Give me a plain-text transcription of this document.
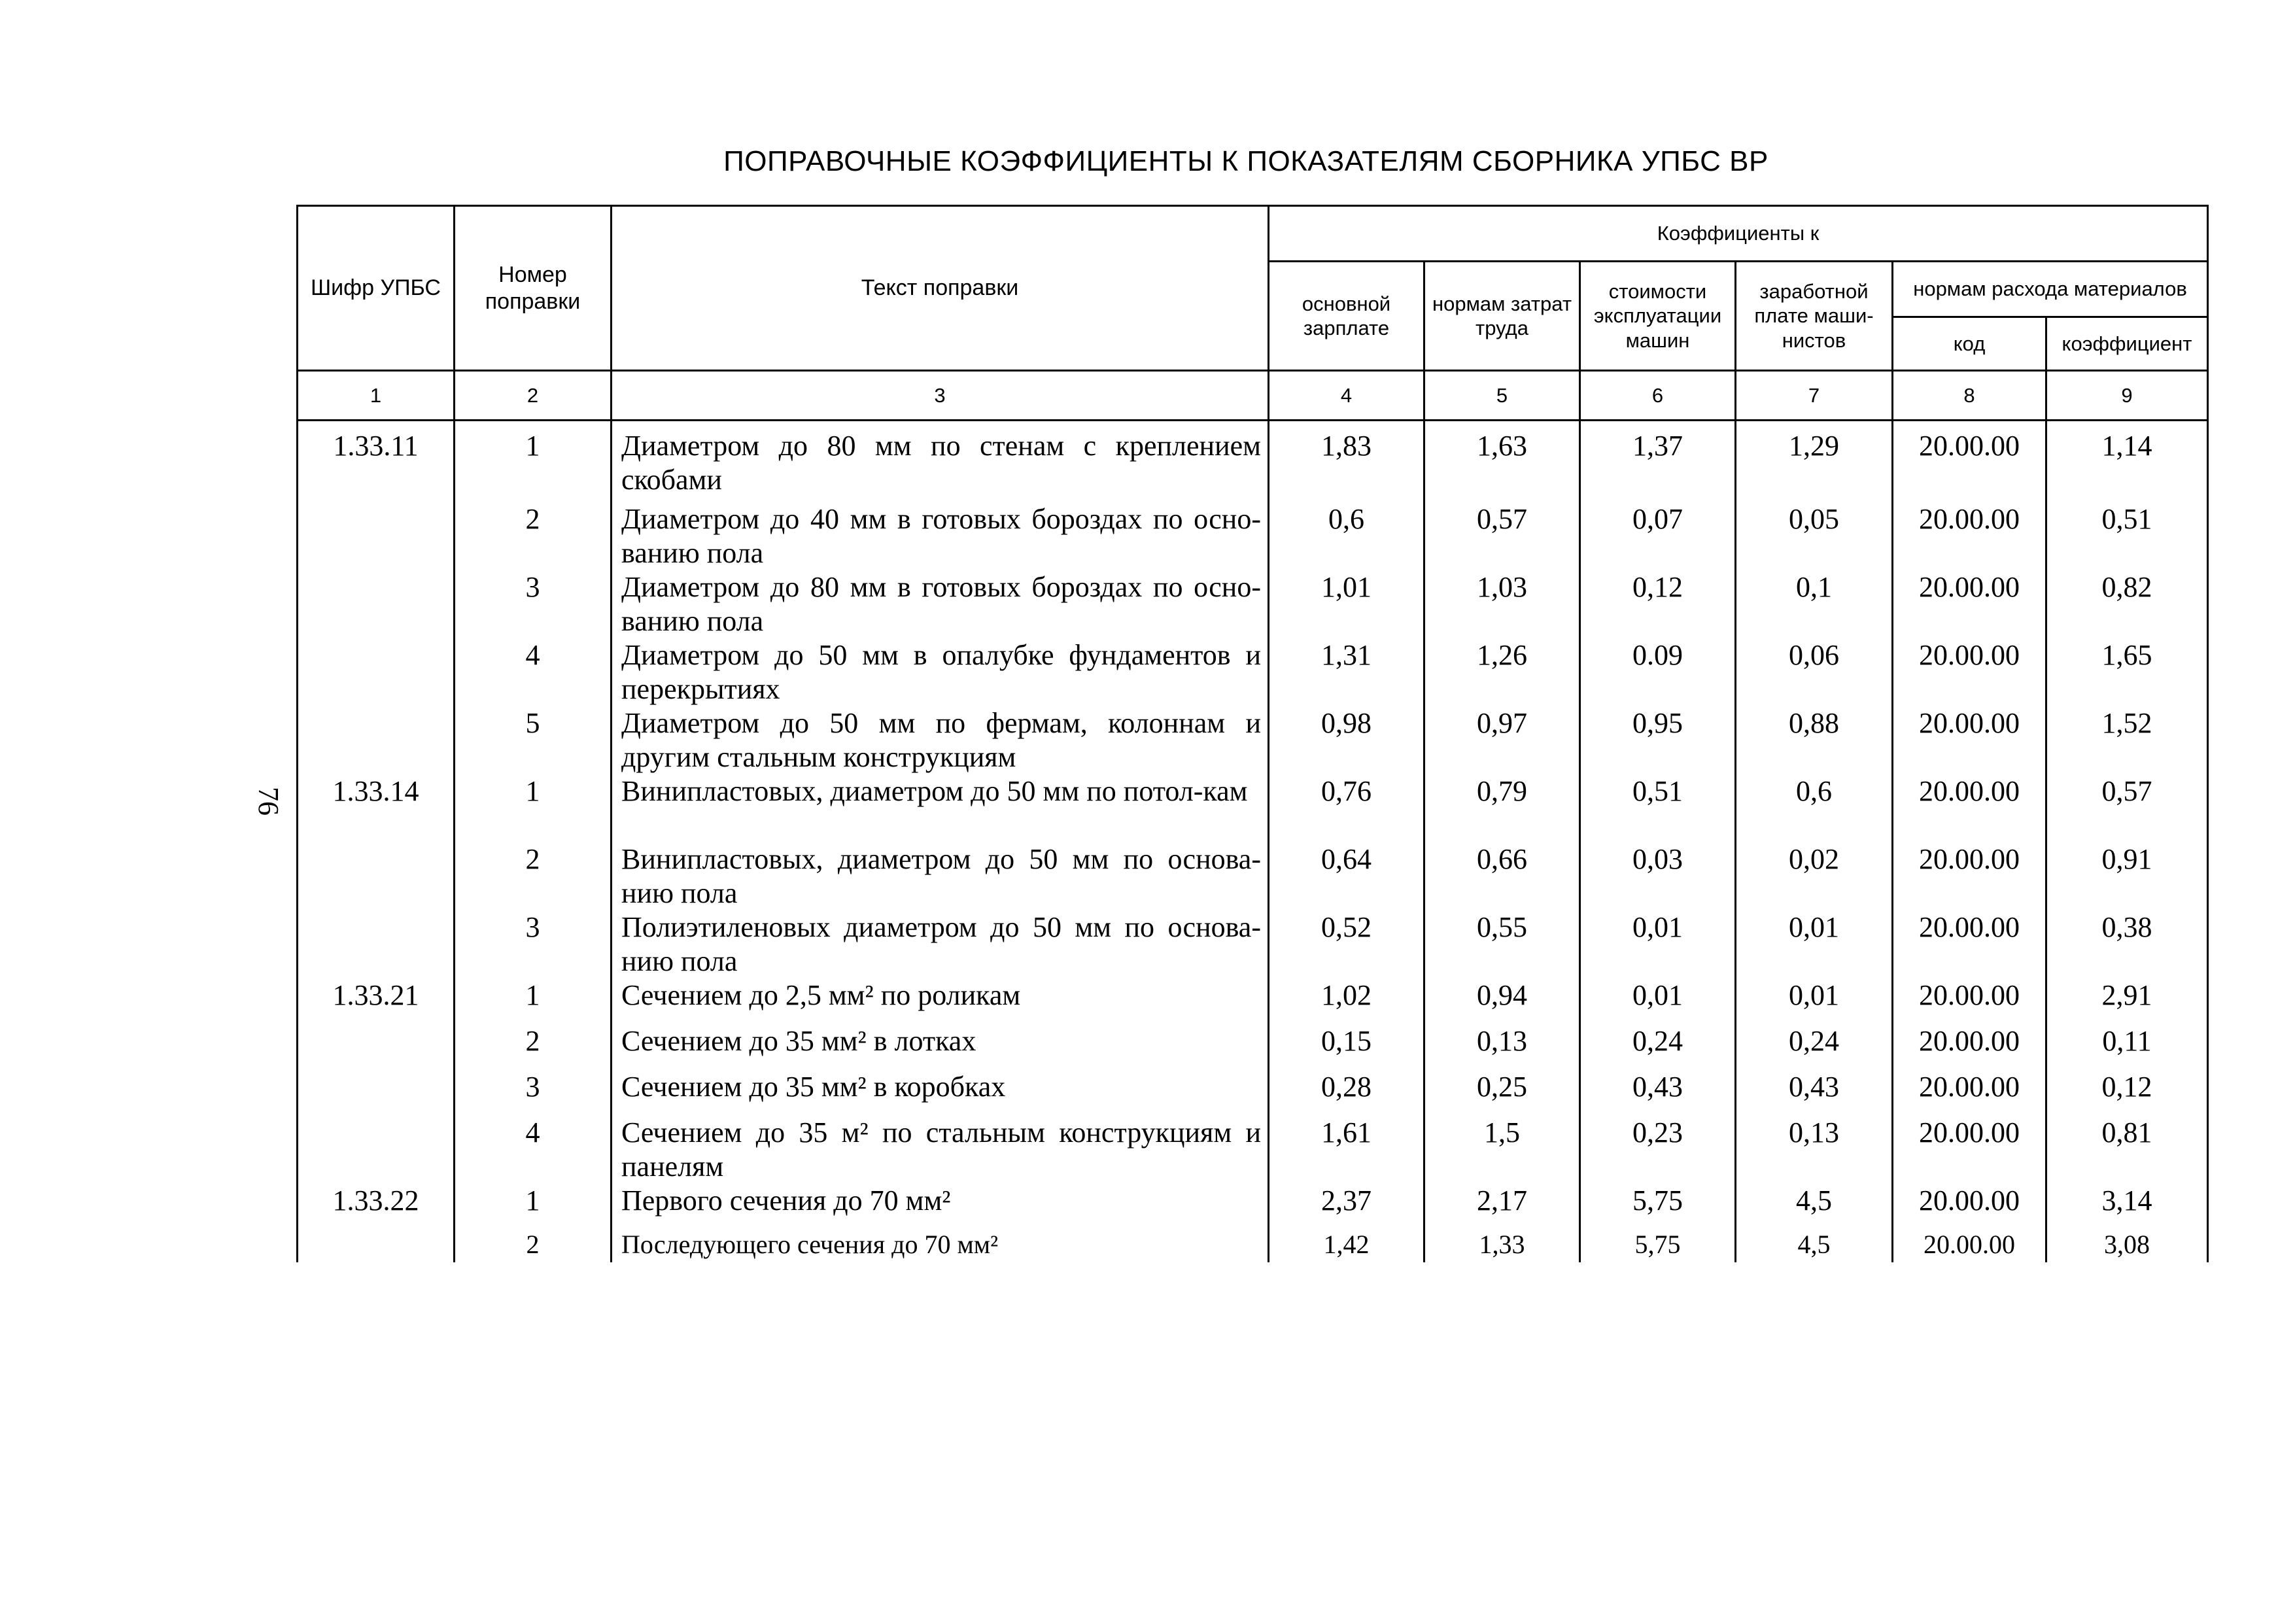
ПОПРАВОЧНЫЕ КОЭФФИЦИЕНТЫ К ПОКАЗАТЕЛЯМ СБОРНИКА УПБС ВР
76
Шифр УПБС	Номер поправки	Текст поправки	Коэффициенты к					
			основной зарплате	нормам затрат труда	стоимости эксплуатации машин	заработной плате маши-нистов	нормам расхода материалов	
							код	коэффициент
1	2	3	4	5	6	7	8	9
1.33.11	1	Диаметром до 80 мм по стенам с креплением скобами	1,83	1,63	1,37	1,29	20.00.00	1,14
	2	Диаметром до 40 мм в готовых бороздах по осно-ванию пола	0,6	0,57	0,07	0,05	20.00.00	0,51
	3	Диаметром до 80 мм в готовых бороздах по осно-ванию пола	1,01	1,03	0,12	0,1	20.00.00	0,82
	4	Диаметром до 50 мм в опалубке фундаментов и перекрытиях	1,31	1,26	0.09	0,06	20.00.00	1,65
	5	Диаметром до 50 мм по фермам, колоннам и другим стальным конструкциям	0,98	0,97	0,95	0,88	20.00.00	1,52
1.33.14	1	Винипластовых, диаметром до 50 мм по потол-кам	0,76	0,79	0,51	0,6	20.00.00	0,57
	2	Винипластовых, диаметром до 50 мм по основа-нию пола	0,64	0,66	0,03	0,02	20.00.00	0,91
	3	Полиэтиленовых диаметром до 50 мм по основа-нию пола	0,52	0,55	0,01	0,01	20.00.00	0,38
1.33.21	1	Сечением до 2,5 мм² по роликам	1,02	0,94	0,01	0,01	20.00.00	2,91
	2	Сечением до 35 мм² в лотках	0,15	0,13	0,24	0,24	20.00.00	0,11
	3	Сечением до 35 мм² в коробках	0,28	0,25	0,43	0,43	20.00.00	0,12
	4	Сечением до 35 м² по стальным конструкциям и панелям	1,61	1,5	0,23	0,13	20.00.00	0,81
1.33.22	1	Первого сечения до 70 мм²	2,37	2,17	5,75	4,5	20.00.00	3,14
	2	Последующего сечения до 70 мм²	1,42	1,33	5,75	4,5	20.00.00	3,08
